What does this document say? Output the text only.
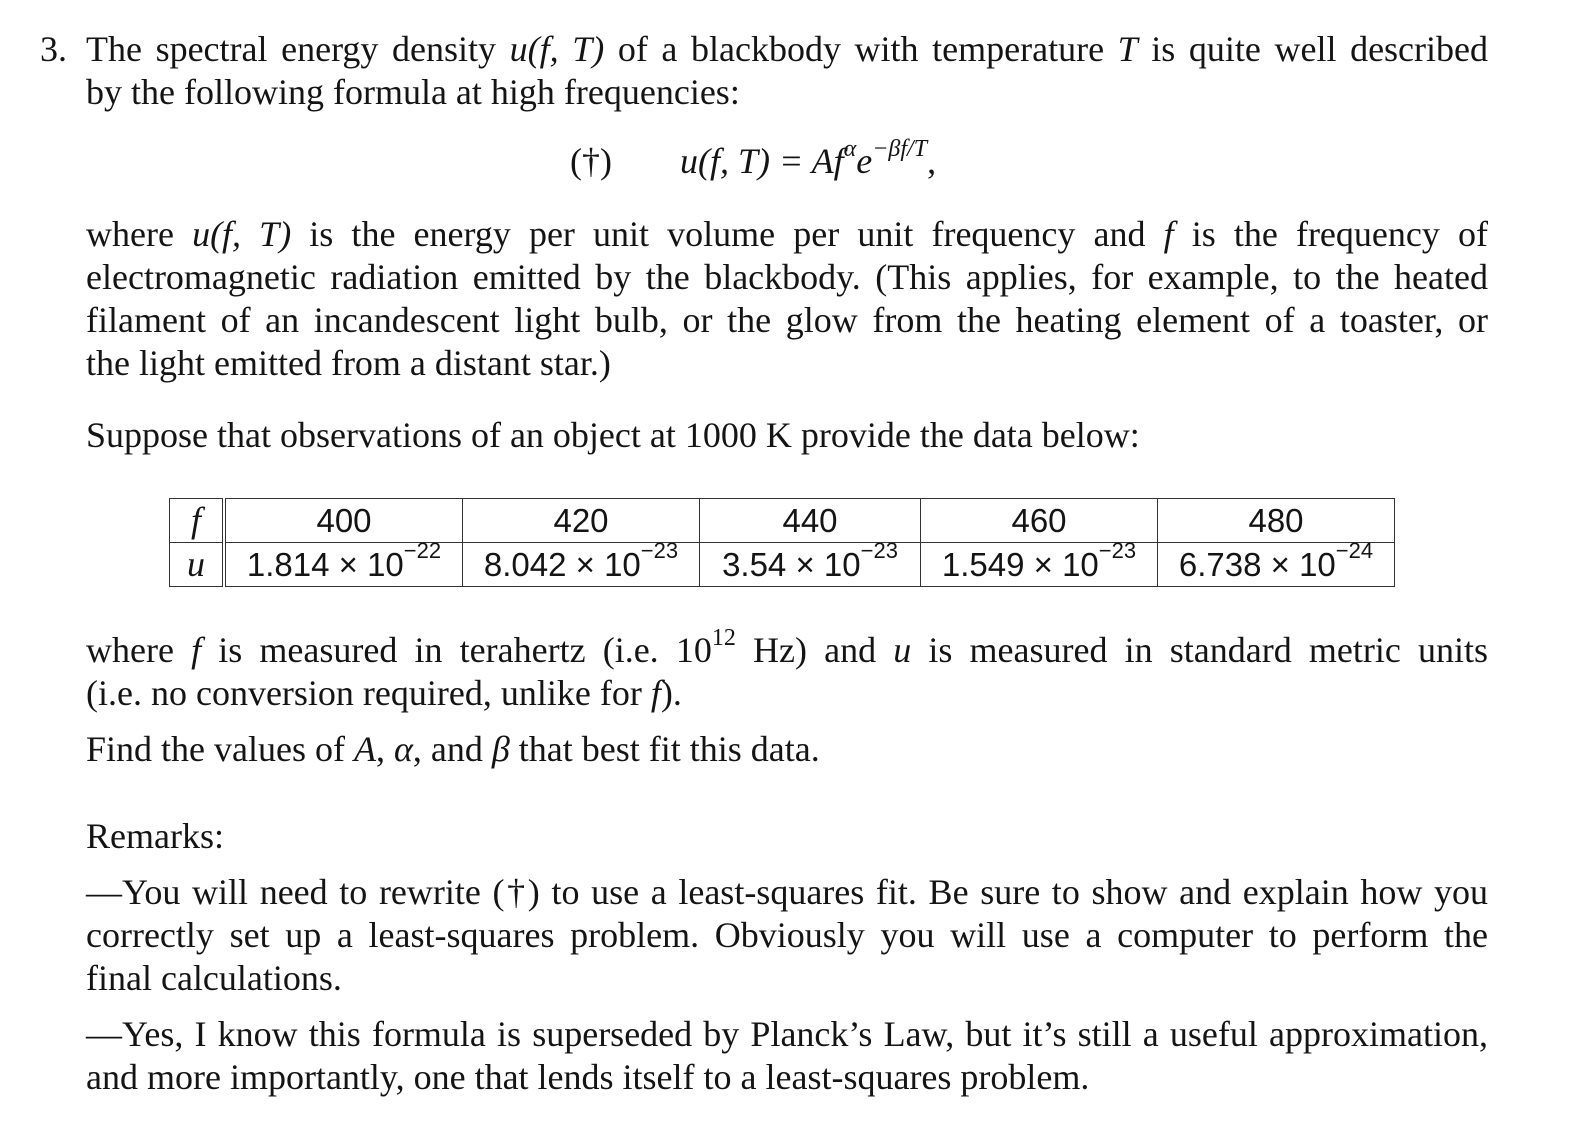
3. The spectral energy density u(f, T) of a blackbody with temperature T is quite well described
by the following formula at high frequencies:
(†) u(f, $T) = Af^\alpha e^{-\beta f/T}$,
where u(f, T) is the energy per unit volume per unit frequency and f is the frequency of
electromagnetic radiation emitted by the blackbody. (This applies, for example, to the heated
filament of an incandescent light bulb, or the glow from the heating element of a toaster, or
the light emitted from a distant star.)
Suppose that observations of an object at 1000 K provide the data below:
f	400	420	440	460	480
u	$1.814 \times 10^{-22}$	$8.042 \times 10^{-23}$	$3.54 \times 10^{-23}$	$1.549 \times 10^{-23}$	$6.738 \times 10^{-24}$
where f is measured in terahertz (i.e. $10^{12}$ Hz) and u is measured in standard metric units
(i.e. no conversion required, unlike for f).
Find the values of A, α, and β that best fit this data.
Remarks:
—You will need to rewrite (†) to use a least-squares fit. Be sure to show and explain how you
correctly set up a least-squares problem. Obviously you will use a computer to perform the
final calculations.
—Yes, I know this formula is superseded by Planck’s Law, but it’s still a useful approximation,
and more importantly, one that lends itself to a least-squares problem.
